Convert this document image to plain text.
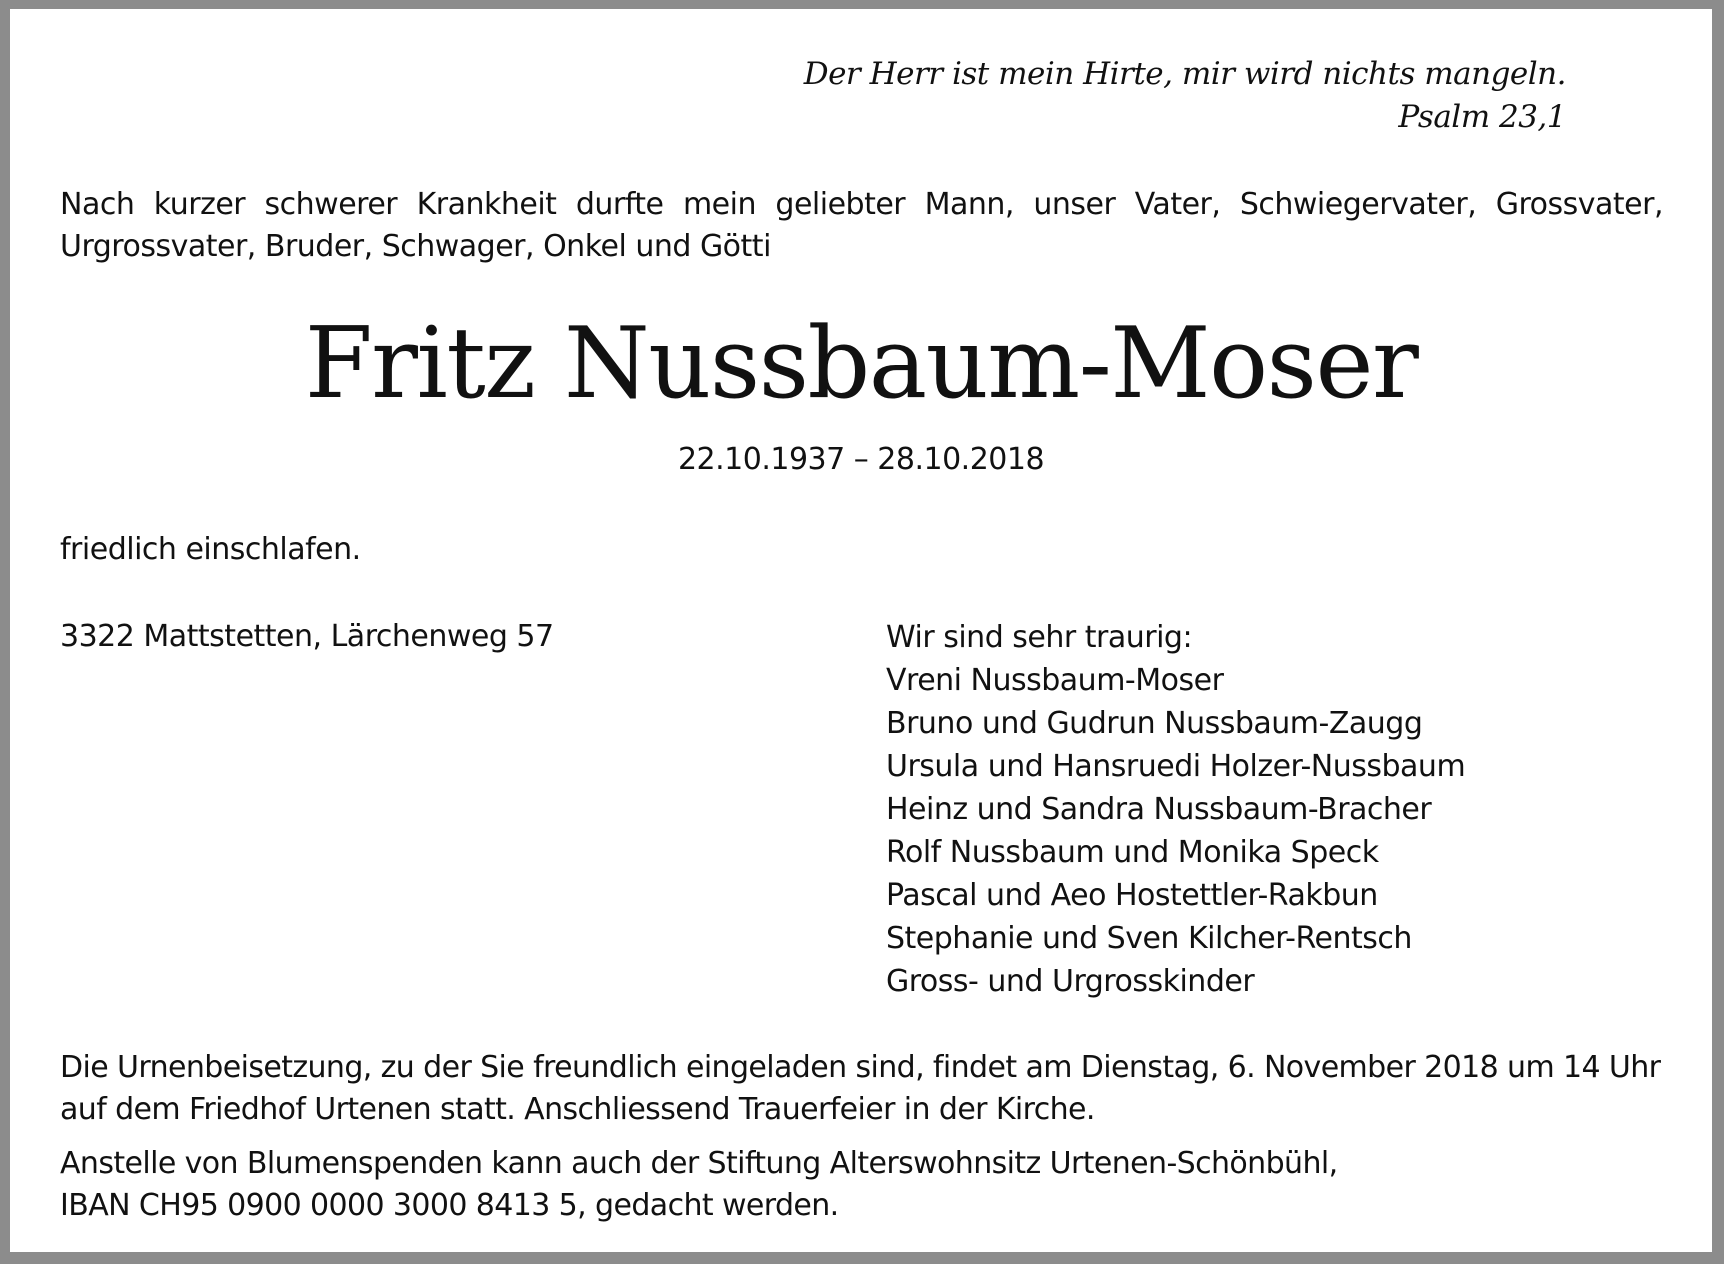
Der Herr ist mein Hirte, mir wird nichts mangeln.
Psalm 23,1
Nach kurzer schwerer Krankheit durfte mein geliebter Mann, unser Vater, Schwiegervater, Grossvater, Urgrossvater, Bruder, Schwager, Onkel und Götti
Fritz Nussbaum-Moser
22.10.1937 – 28.10.2018
friedlich einschlafen.
3322 Mattstetten, Lärchenweg 57	Wir sind sehr traurig:
Vreni Nussbaum-Moser
Bruno und Gudrun Nussbaum-Zaugg
Ursula und Hansruedi Holzer-Nussbaum
Heinz und Sandra Nussbaum-Bracher
Rolf Nussbaum und Monika Speck
Pascal und Aeo Hostettler-Rakbun
Stephanie und Sven Kilcher-Rentsch
Gross- und Urgrosskinder
Die Urnenbeisetzung, zu der Sie freundlich eingeladen sind, findet am Dienstag, 6. November 2018 um 14 Uhr auf dem Friedhof Urtenen statt. Anschliessend Trauerfeier in der Kirche.
Anstelle von Blumenspenden kann auch der Stiftung Alterswohnsitz Urtenen-Schönbühl,
IBAN CH95 0900 0000 3000 8413 5, gedacht werden.
